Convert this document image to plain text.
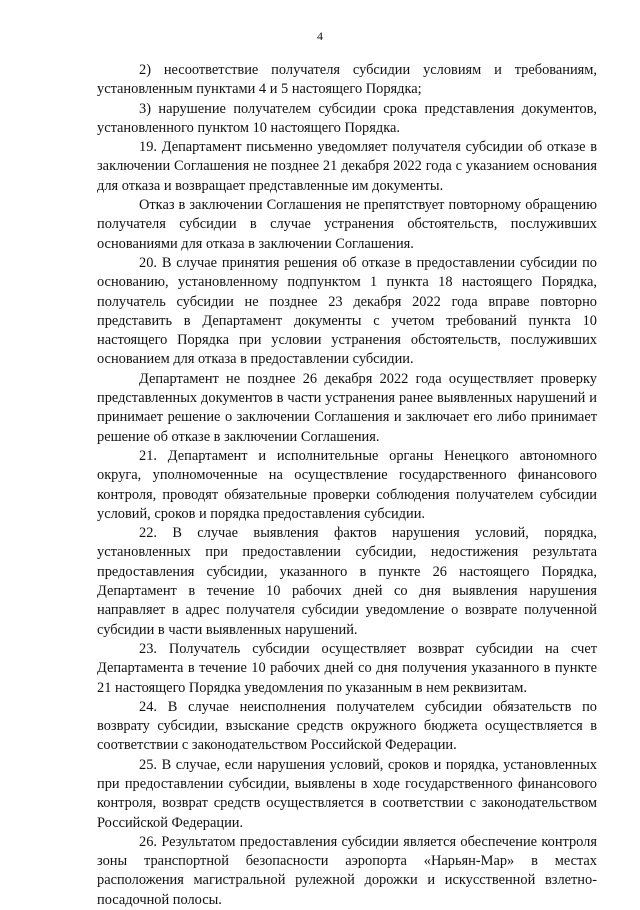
4

2) несоответствие получателя субсидии условиям и требованиям, установленным пунктами 4 и 5 настоящего Порядка;

3) нарушение получателем субсидии срока представления документов, установленного пунктом 10 настоящего Порядка.

19. Департамент письменно уведомляет получателя субсидии об отказе в заключении Соглашения не позднее 21 декабря 2022 года с указанием основания для отказа и возвращает представленные им документы.

Отказ в заключении Соглашения не препятствует повторному обращению получателя субсидии в случае устранения обстоятельств, послуживших основаниями для отказа в заключении Соглашения.

20. В случае принятия решения об отказе в предоставлении субсидии по основанию, установленному подпунктом 1 пункта 18 настоящего Порядка, получатель субсидии не позднее 23 декабря 2022 года вправе повторно представить в Департамент документы с учетом требований пункта 10 настоящего Порядка при условии устранения обстоятельств, послуживших основанием для отказа в предоставлении субсидии.

Департамент не позднее 26 декабря 2022 года осуществляет проверку представленных документов в части устранения ранее выявленных нарушений и принимает решение о заключении Соглашения и заключает его либо принимает решение об отказе в заключении Соглашения.

21. Департамент и исполнительные органы Ненецкого автономного округа, уполномоченные на осуществление государственного финансового контроля, проводят обязательные проверки соблюдения получателем субсидии условий, сроков и порядка предоставления субсидии.

22. В случае выявления фактов нарушения условий, порядка, установленных при предоставлении субсидии, недостижения результата предоставления субсидии, указанного в пункте 26 настоящего Порядка, Департамент в течение 10 рабочих дней со дня выявления нарушения направляет в адрес получателя субсидии уведомление о возврате полученной субсидии в части выявленных нарушений.

23. Получатель субсидии осуществляет возврат субсидии на счет Департамента в течение 10 рабочих дней со дня получения указанного в пункте 21 настоящего Порядка уведомления по указанным в нем реквизитам.

24. В случае неисполнения получателем субсидии обязательств по возврату субсидии, взыскание средств окружного бюджета осуществляется в соответствии с законодательством Российской Федерации.

25. В случае, если нарушения условий, сроков и порядка, установленных при предоставлении субсидии, выявлены в ходе государственного финансового контроля, возврат средств осуществляется в соответствии с законодательством Российской Федерации.

26. Результатом предоставления субсидии является обеспечение контроля зоны транспортной безопасности аэропорта «Нарьян-Мар» в местах расположения магистральной рулежной дорожки и искусственной взлетно-посадочной полосы.
